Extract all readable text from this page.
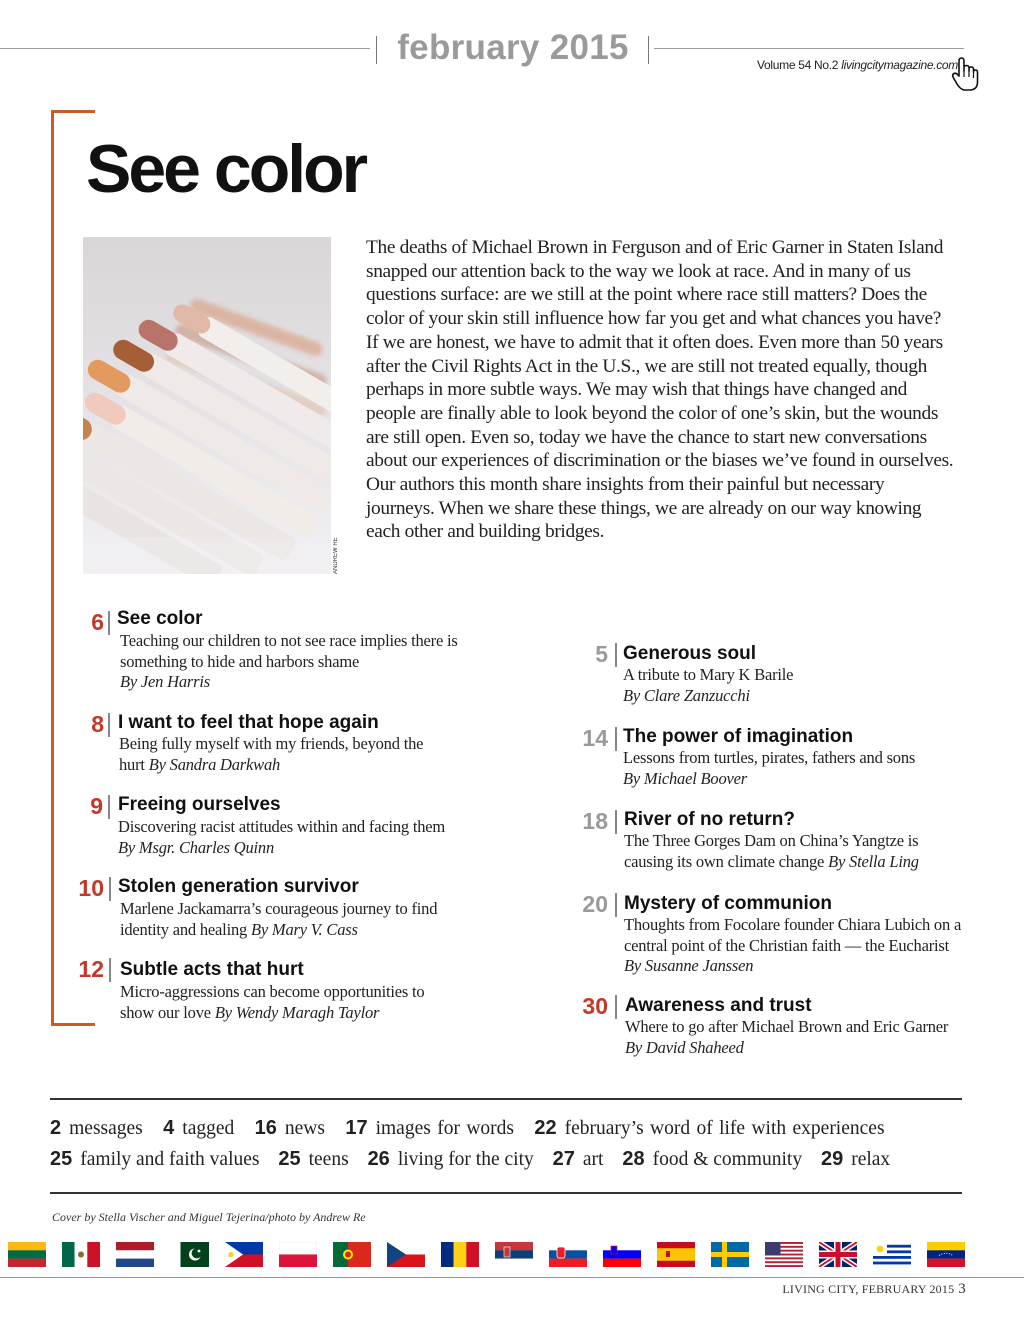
february 2015	Volume 54 No.2 livingcitymagazine.com
See color
ANDREW RE

The deaths of Michael Brown in Ferguson and of Eric Garner in Staten Island snapped our attention back to the way we look at race. And in many of us questions surface: are we still at the point where race still matters? Does the color of your skin still influence how far you get and what chances you have? If we are honest, we have to admit that it often does. Even more than 50 years after the Civil Rights Act in the U.S., we are still not treated equally, though perhaps in more subtle ways. We may wish that things have changed and people are finally able to look beyond the color of one’s skin, but the wounds are still open. Even so, today we have the chance to start new conversations about our experiences of discrimination or the biases we’ve found in ourselves. Our authors this month share insights from their painful but necessary journeys. When we share these things, we are already on our way knowing each other and building bridges.

6 See color
Teaching our children to not see race implies there is something to hide and harbors shame
By Jen Harris
8 I want to feel that hope again
Being fully myself with my friends, beyond the hurt By Sandra Darkwah
9 Freeing ourselves
Discovering racist attitudes within and facing them By Msgr. Charles Quinn
10 Stolen generation survivor
Marlene Jackamarra’s courageous journey to find identity and healing By Mary V. Cass
12 Subtle acts that hurt
Micro-aggressions can become opportunities to show our love By Wendy Maragh Taylor
5 Generous soul
A tribute to Mary K Barile
By Clare Zanzucchi
14 The power of imagination
Lessons from turtles, pirates, fathers and sons
By Michael Boover
18 River of no return?
The Three Gorges Dam on China’s Yangtze is causing its own climate change By Stella Ling
20 Mystery of communion
Thoughts from Focolare founder Chiara Lubich on a central point of the Christian faith — the Eucharist By Susanne Janssen
30 Awareness and trust
Where to go after Michael Brown and Eric Garner
By David Shaheed
2 messages 4 tagged 16 news 17 images for words 22 february’s word of life with experiences
25 family and faith values 25 teens 26 living for the city 27 art 28 food & community 29 relax
Cover by Stella Vischer and Miguel Tejerina/photo by Andrew Re
LIVING CITY, FEBRUARY 2015 3
